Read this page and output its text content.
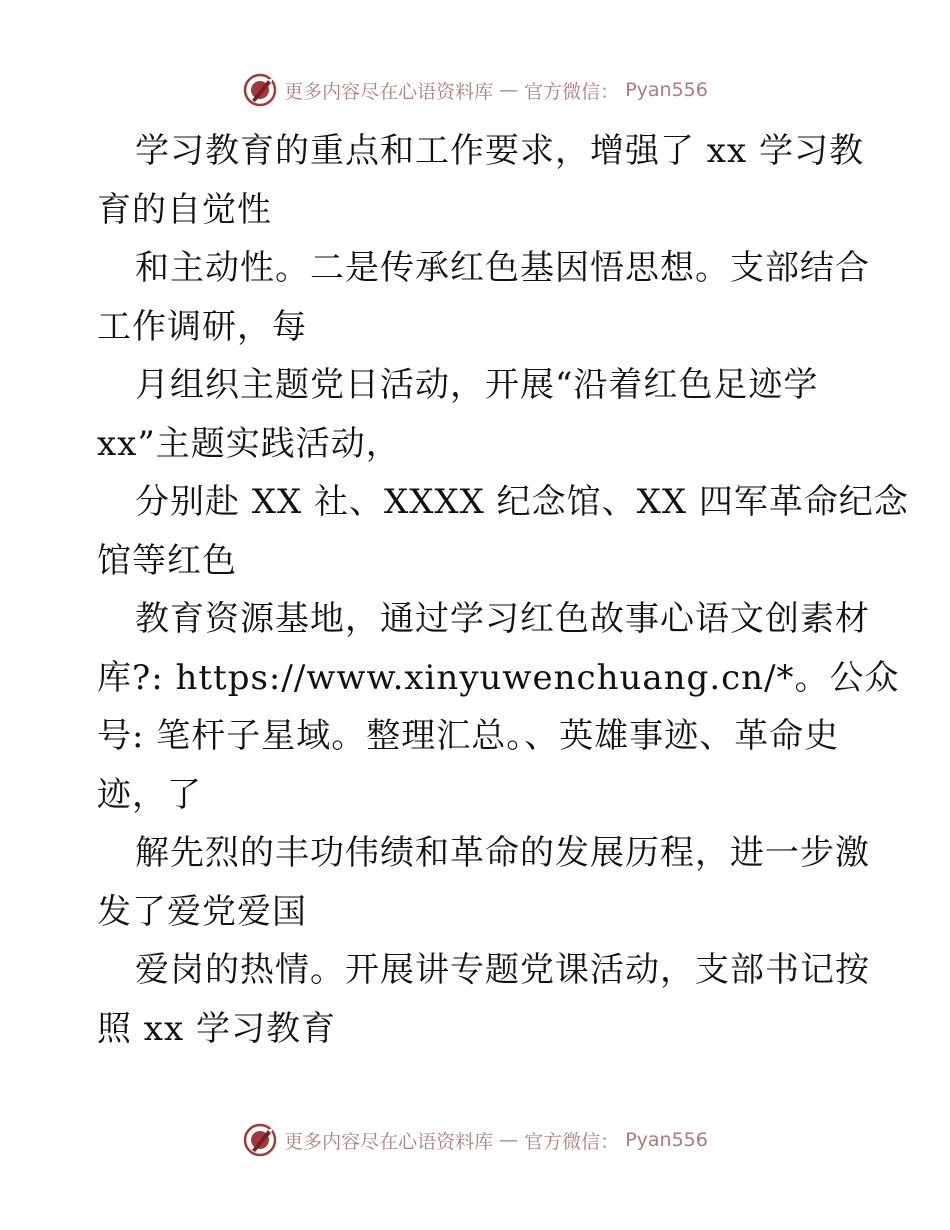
更多内容尽在心语资料库 — 官方微信： Pyan556
学习教育的重点和工作要求，增强了 xx 学习教
育的自觉性
和主动性。二是传承红色基因悟思想。支部结合
工作调研，每
月组织主题党日活动，开展“沿着红色足迹学
xx”主题实践活动，
分别赴 XX 社、XXXX 纪念馆、XX 四军革命纪念
馆等红色
教育资源基地，通过学习红色故事心语文创素材
库?: https://www.xinyuwenchuang.cn/*。公众
号: 笔杆子星域。整理汇总。、英雄事迹、革命史
迹，了
解先烈的丰功伟绩和革命的发展历程，进一步激
发了爱党爱国
爱岗的热情。开展讲专题党课活动，支部书记按
照 xx 学习教育
更多内容尽在心语资料库 — 官方微信： Pyan556
